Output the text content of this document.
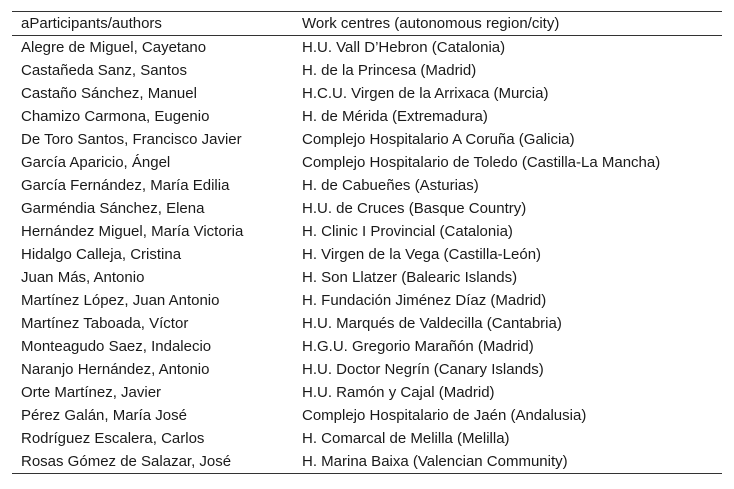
aParticipants/authors	Work centres (autonomous region/city)
Alegre de Miguel, Cayetano	H.U. Vall D’Hebron (Catalonia)
Castañeda Sanz, Santos	H. de la Princesa (Madrid)
Castaño Sánchez, Manuel	H.C.U. Virgen de la Arrixaca (Murcia)
Chamizo Carmona, Eugenio	H. de Mérida (Extremadura)
De Toro Santos, Francisco Javier	Complejo Hospitalario A Coruña (Galicia)
García Aparicio, Ángel	Complejo Hospitalario de Toledo (Castilla-La Mancha)
García Fernández, María Edilia	H. de Cabueñes (Asturias)
Garméndia Sánchez, Elena	H.U. de Cruces (Basque Country)
Hernández Miguel, María Victoria	H. Clinic I Provincial (Catalonia)
Hidalgo Calleja, Cristina	H. Virgen de la Vega (Castilla-León)
Juan Más, Antonio	H. Son Llatzer (Balearic Islands)
Martínez López, Juan Antonio	H. Fundación Jiménez Díaz (Madrid)
Martínez Taboada, Víctor	H.U. Marqués de Valdecilla (Cantabria)
Monteagudo Saez, Indalecio	H.G.U. Gregorio Marañón (Madrid)
Naranjo Hernández, Antonio	H.U. Doctor Negrín (Canary Islands)
Orte Martínez, Javier	H.U. Ramón y Cajal (Madrid)
Pérez Galán, María José	Complejo Hospitalario de Jaén (Andalusia)
Rodríguez Escalera, Carlos	H. Comarcal de Melilla (Melilla)
Rosas Gómez de Salazar, José	H. Marina Baixa (Valencian Community)
